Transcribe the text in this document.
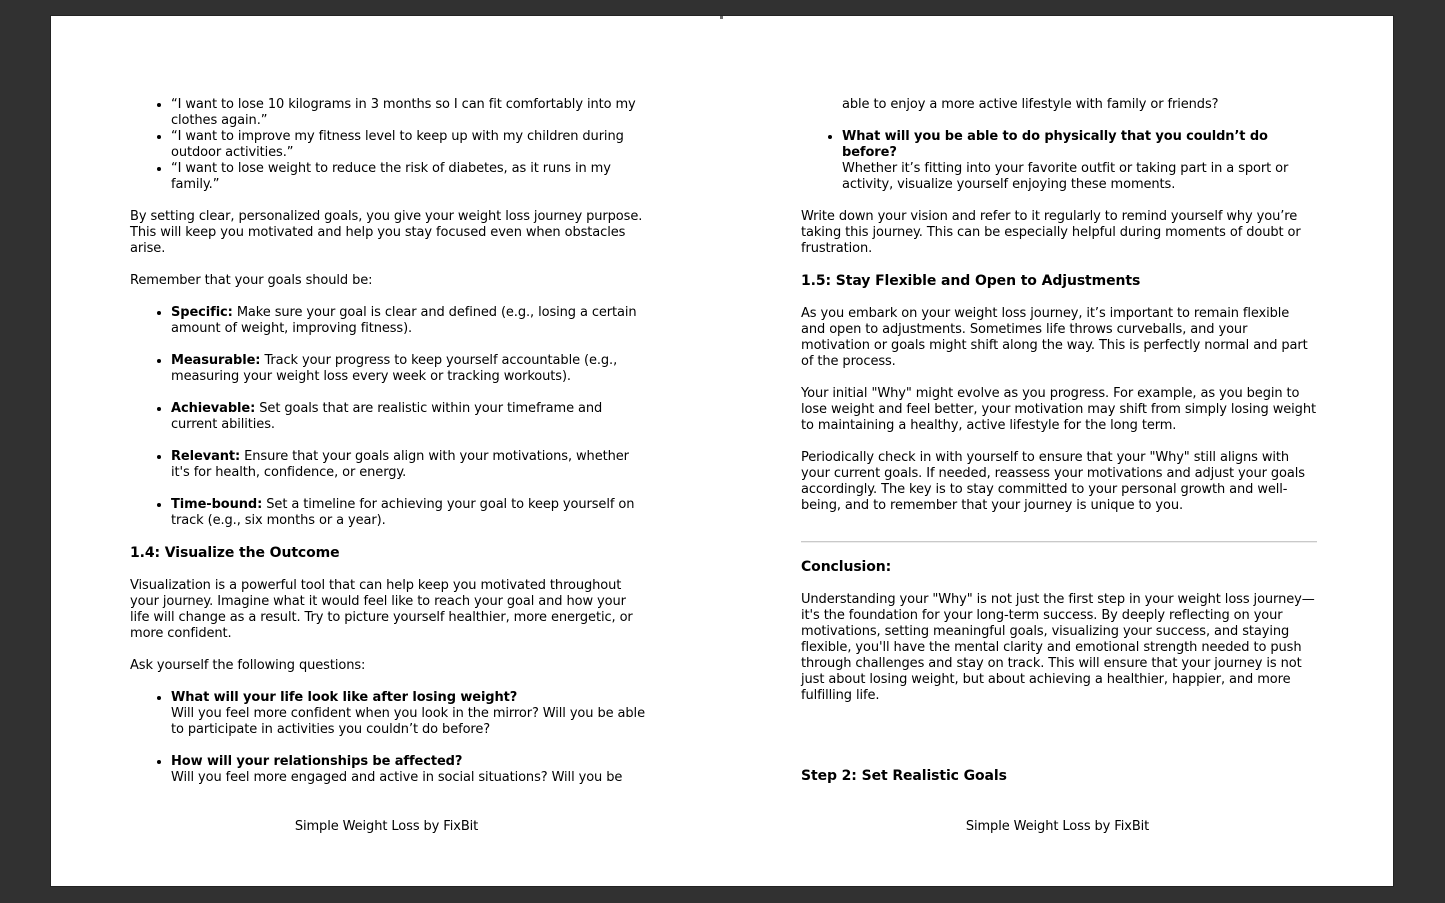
• “I want to lose 10 kilograms in 3 months so I can fit comfortably into my clothes again.”
• “I want to improve my fitness level to keep up with my children during outdoor activities.”
• “I want to lose weight to reduce the risk of diabetes, as it runs in my family.”

By setting clear, personalized goals, you give your weight loss journey purpose. This will keep you motivated and help you stay focused even when obstacles arise.

Remember that your goals should be:

• Specific: Make sure your goal is clear and defined (e.g., losing a certain amount of weight, improving fitness).
• Measurable: Track your progress to keep yourself accountable (e.g., measuring your weight loss every week or tracking workouts).
• Achievable: Set goals that are realistic within your timeframe and current abilities.
• Relevant: Ensure that your goals align with your motivations, whether it's for health, confidence, or energy.
• Time-bound: Set a timeline for achieving your goal to keep yourself on track (e.g., six months or a year).
1.4: Visualize the Outcome

Visualization is a powerful tool that can help keep you motivated throughout your journey. Imagine what it would feel like to reach your goal and how your life will change as a result. Try to picture yourself healthier, more energetic, or more confident.

Ask yourself the following questions:

• What will your life look like after losing weight?
Will you feel more confident when you look in the mirror? Will you be able to participate in activities you couldn’t do before?
• How will your relationships be affected?
Will you feel more engaged and active in social situations? Will you be
Simple Weight Loss by FixBit
able to enjoy a more active lifestyle with family or friends?
• What will you be able to do physically that you couldn’t do before?
Whether it’s fitting into your favorite outfit or taking part in a sport or activity, visualize yourself enjoying these moments.

Write down your vision and refer to it regularly to remind yourself why you’re taking this journey. This can be especially helpful during moments of doubt or frustration.

1.5: Stay Flexible and Open to Adjustments

As you embark on your weight loss journey, it’s important to remain flexible and open to adjustments. Sometimes life throws curveballs, and your motivation or goals might shift along the way. This is perfectly normal and part of the process.

Your initial "Why" might evolve as you progress. For example, as you begin to lose weight and feel better, your motivation may shift from simply losing weight to maintaining a healthy, active lifestyle for the long term.

Periodically check in with yourself to ensure that your "Why" still aligns with your current goals. If needed, reassess your motivations and adjust your goals accordingly. The key is to stay committed to your personal growth and well-being, and to remember that your journey is unique to you.

Conclusion:

Understanding your "Why" is not just the first step in your weight loss journey—it's the foundation for your long-term success. By deeply reflecting on your motivations, setting meaningful goals, visualizing your success, and staying flexible, you'll have the mental clarity and emotional strength needed to push through challenges and stay on track. This will ensure that your journey is not just about losing weight, but about achieving a healthier, happier, and more fulfilling life.

Step 2: Set Realistic Goals
Simple Weight Loss by FixBit
